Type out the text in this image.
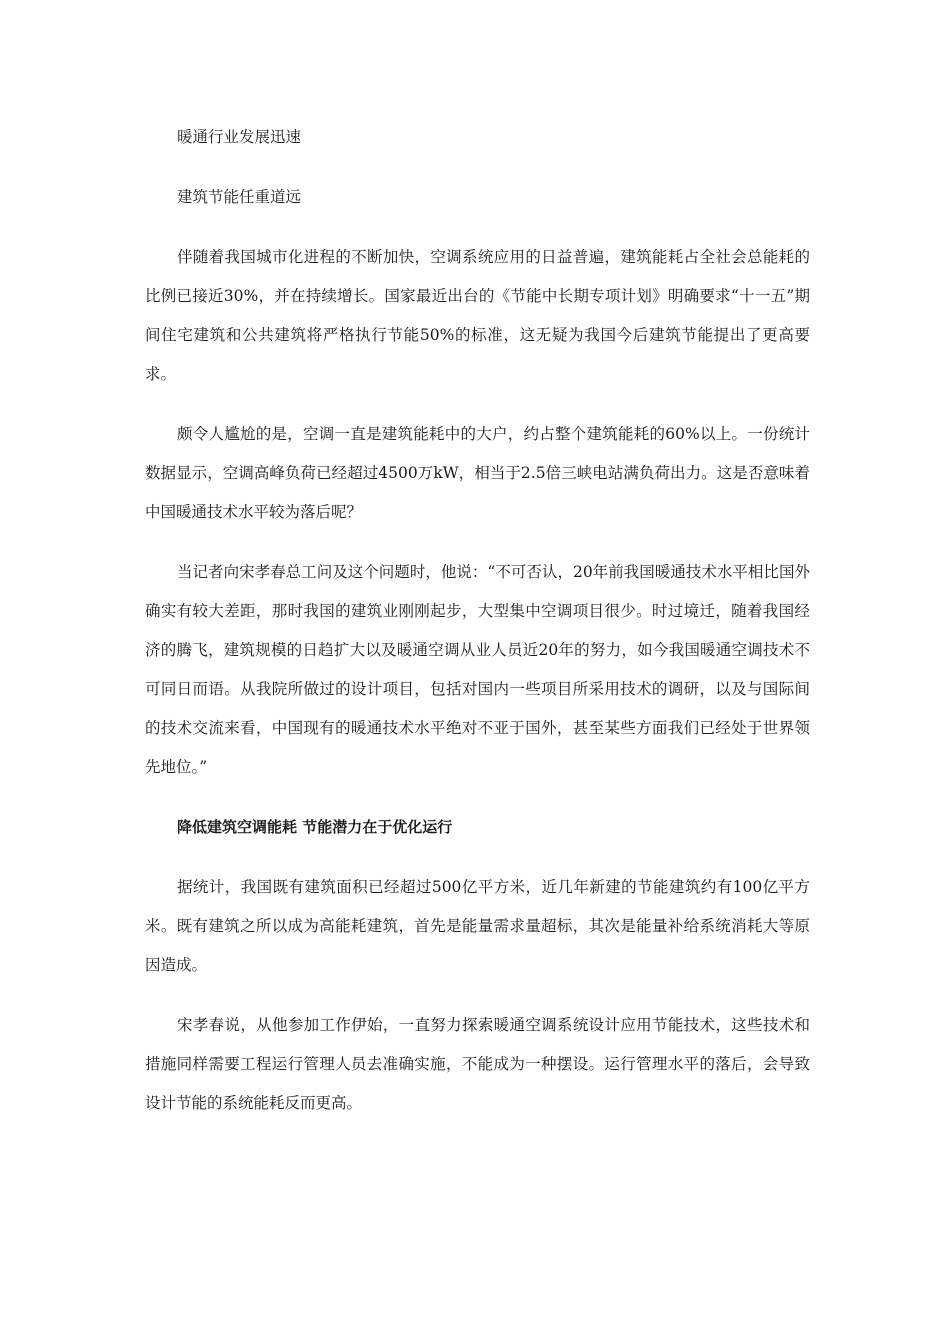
暖通行业发展迅速

建筑节能任重道远

伴随着我国城市化进程的不断加快，空调系统应用的日益普遍，建筑能耗占全社会总能耗的比例已接近30%，并在持续增长。国家最近出台的《节能中长期专项计划》明确要求“十一五”期间住宅建筑和公共建筑将严格执行节能50%的标准，这无疑为我国今后建筑节能提出了更高要求。

颇令人尴尬的是，空调一直是建筑能耗中的大户，约占整个建筑能耗的60%以上。一份统计数据显示，空调高峰负荷已经超过4500万kW，相当于2.5倍三峡电站满负荷出力。这是否意味着中国暖通技术水平较为落后呢？

当记者向宋孝春总工问及这个问题时，他说：“不可否认，20年前我国暖通技术水平相比国外确实有较大差距，那时我国的建筑业刚刚起步，大型集中空调项目很少。时过境迁，随着我国经济的腾飞，建筑规模的日趋扩大以及暖通空调从业人员近20年的努力，如今我国暖通空调技术不可同日而语。从我院所做过的设计项目，包括对国内一些项目所采用技术的调研，以及与国际间的技术交流来看，中国现有的暖通技术水平绝对不亚于国外，甚至某些方面我们已经处于世界领先地位。”

降低建筑空调能耗 节能潜力在于优化运行

据统计，我国既有建筑面积已经超过500亿平方米，近几年新建的节能建筑约有100亿平方米。既有建筑之所以成为高能耗建筑，首先是能量需求量超标，其次是能量补给系统消耗大等原因造成。

宋孝春说，从他参加工作伊始，一直努力探索暖通空调系统设计应用节能技术，这些技术和措施同样需要工程运行管理人员去准确实施，不能成为一种摆设。运行管理水平的落后，会导致设计节能的系统能耗反而更高。
